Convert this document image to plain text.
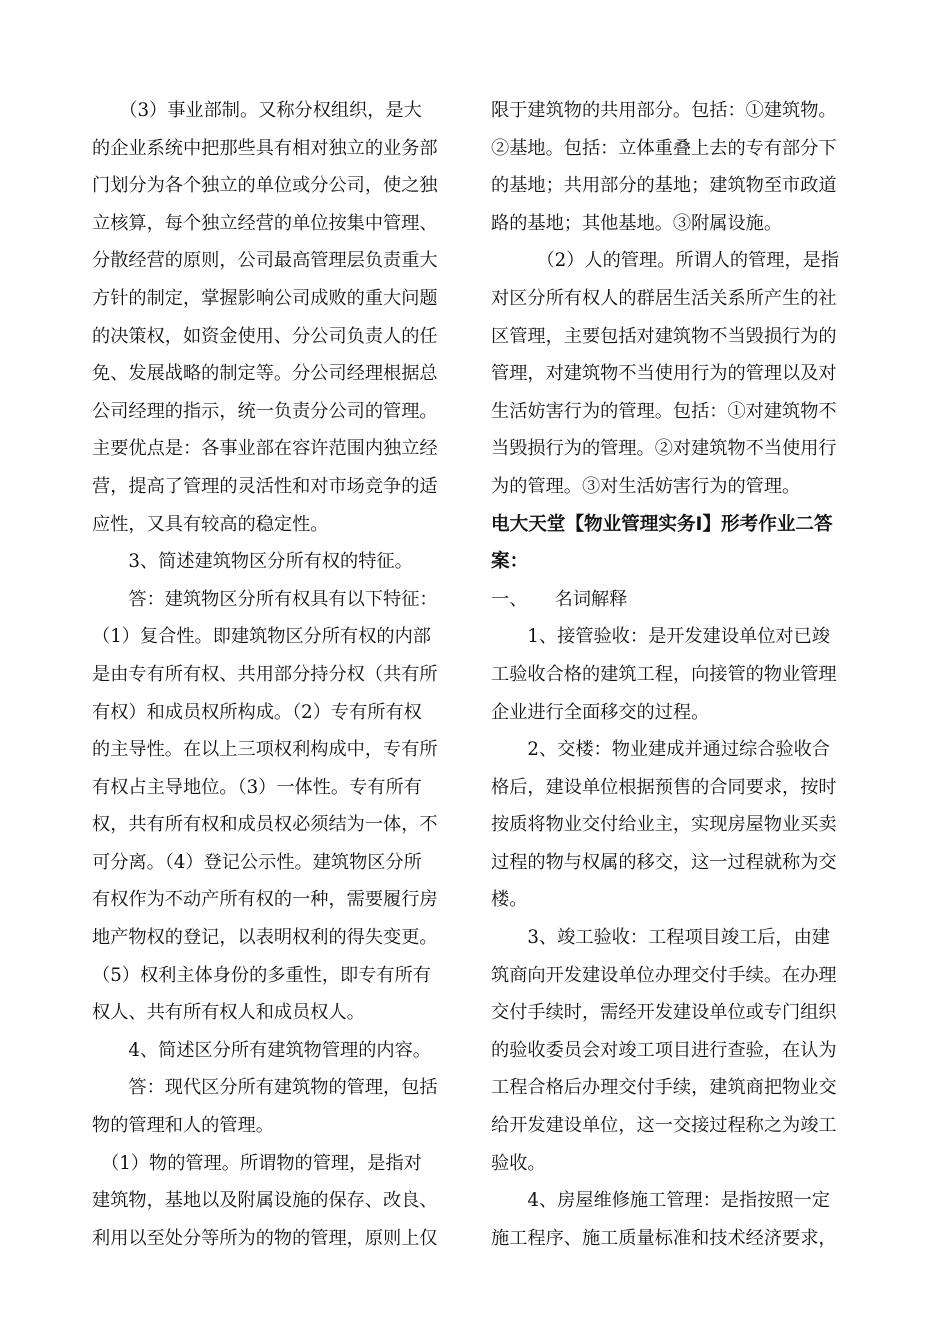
　　（3）事业部制。又称分权组织，是大
的企业系统中把那些具有相对独立的业务部
门划分为各个独立的单位或分公司，使之独
立核算，每个独立经营的单位按集中管理、
分散经营的原则，公司最高管理层负责重大
方针的制定，掌握影响公司成败的重大问题
的决策权，如资金使用、分公司负责人的任
免、发展战略的制定等。分公司经理根据总
公司经理的指示，统一负责分公司的管理。
主要优点是：各事业部在容许范围内独立经
营，提高了管理的灵活性和对市场竞争的适
应性，又具有较高的稳定性。
　　3、简述建筑物区分所有权的特征。
　　答：建筑物区分所有权具有以下特征：
（1）复合性。即建筑物区分所有权的内部
是由专有所有权、共用部分持分权（共有所
有权）和成员权所构成。（2）专有所有权
的主导性。在以上三项权利构成中，专有所
有权占主导地位。（3）一体性。专有所有
权，共有所有权和成员权必须结为一体，不
可分离。（4）登记公示性。建筑物区分所
有权作为不动产所有权的一种，需要履行房
地产物权的登记，以表明权利的得失变更。
（5）权利主体身份的多重性，即专有所有
权人、共有所有权人和成员权人。
　　4、简述区分所有建筑物管理的内容。
　　答：现代区分所有建筑物的管理，包括
物的管理和人的管理。
　（1）物的管理。所谓物的管理，是指对
建筑物，基地以及附属设施的保存、改良、
利用以至处分等所为的物的管理，原则上仅
限于建筑物的共用部分。包括：①建筑物。
②基地。包括：立体重叠上去的专有部分下
的基地；共用部分的基地；建筑物至市政道
路的基地；其他基地。③附属设施。
　　　（2）人的管理。所谓人的管理，是指
对区分所有权人的群居生活关系所产生的社
区管理，主要包括对建筑物不当毁损行为的
管理，对建筑物不当使用行为的管理以及对
生活妨害行为的管理。包括：①对建筑物不
当毁损行为的管理。②对建筑物不当使用行
为的管理。③对生活妨害行为的管理。
电大天堂【物业管理实务Ⅰ】形考作业二答
案：
一、　　名词解释
　　1、接管验收：是开发建设单位对已竣
工验收合格的建筑工程，向接管的物业管理
企业进行全面移交的过程。
　　2、交楼：物业建成并通过综合验收合
格后，建设单位根据预售的合同要求，按时
按质将物业交付给业主，实现房屋物业买卖
过程的物与权属的移交，这一过程就称为交
楼。
　　3、竣工验收：工程项目竣工后，由建
筑商向开发建设单位办理交付手续。在办理
交付手续时，需经开发建设单位或专门组织
的验收委员会对竣工项目进行查验，在认为
工程合格后办理交付手续，建筑商把物业交
给开发建设单位，这一交接过程称之为竣工
验收。
　　4、房屋维修施工管理：是指按照一定
施工程序、施工质量标准和技术经济要求，
